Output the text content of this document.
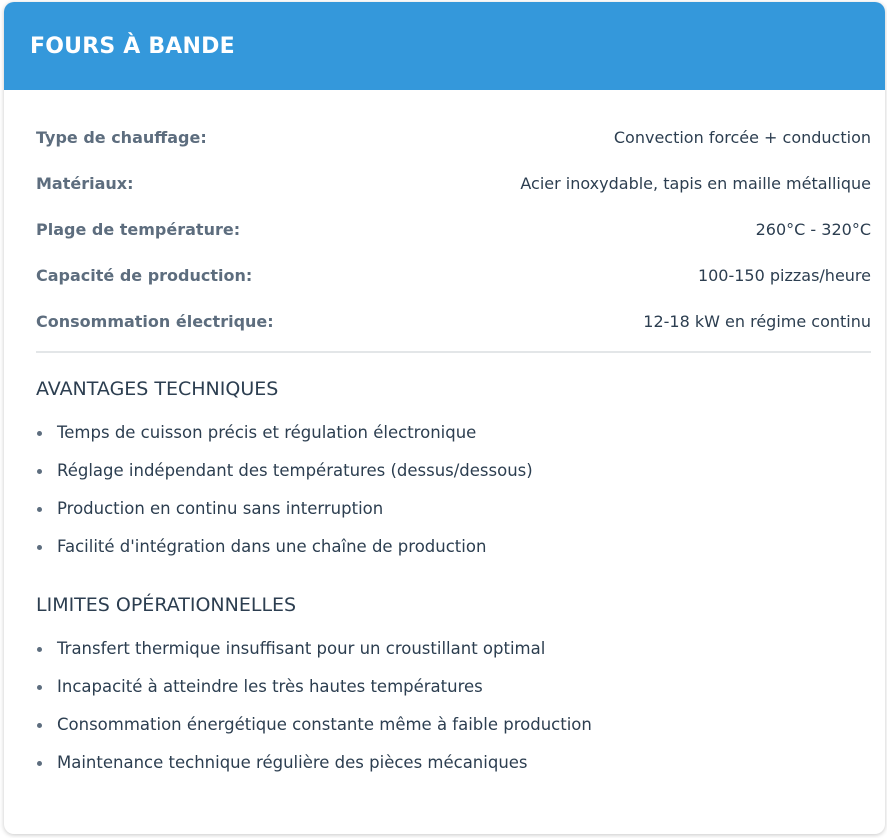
FOURS À BANDE
Type de chauffage:	Convection forcée + conduction
Matériaux:	Acier inoxydable, tapis en maille métallique
Plage de température:	260°C - 320°C
Capacité de production:	100-150 pizzas/heure
Consommation électrique:	12-18 kW en régime continu
AVANTAGES TECHNIQUES
Temps de cuisson précis et régulation électronique
Réglage indépendant des températures (dessus/dessous)
Production en continu sans interruption
Facilité d'intégration dans une chaîne de production
LIMITES OPÉRATIONNELLES
Transfert thermique insuffisant pour un croustillant optimal
Incapacité à atteindre les très hautes températures
Consommation énergétique constante même à faible production
Maintenance technique régulière des pièces mécaniques
